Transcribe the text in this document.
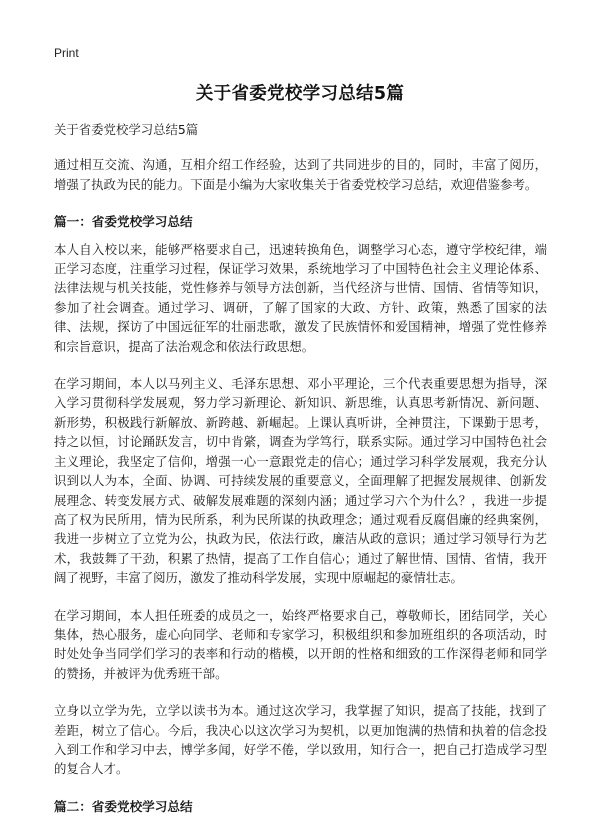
Print
关于省委党校学习总结5篇

关于省委党校学习总结5篇

通过相互交流、沟通，互相介绍工作经验，达到了共同进步的目的，同时，丰富了阅历，增强了执政为民的能力。下面是小编为大家收集关于省委党校学习总结，欢迎借鉴参考。

篇一：省委党校学习总结

本人自入校以来，能够严格要求自己，迅速转换角色，调整学习心态，遵守学校纪律，端正学习态度，注重学习过程，保证学习效果，系统地学习了中国特色社会主义理论体系、法律法规与机关技能，党性修养与领导方法创新，当代经济与世情、国情、省情等知识，参加了社会调查。通过学习、调研，了解了国家的大政、方针、政策，熟悉了国家的法律、法规，探访了中国远征军的壮丽悲歌，激发了民族情怀和爱国精神，增强了党性修养和宗旨意识，提高了法治观念和依法行政思想。

在学习期间，本人以马列主义、毛泽东思想、邓小平理论，三个代表重要思想为指导，深入学习贯彻科学发展观，努力学习新理论、新知识、新思维，认真思考新情况、新问题、新形势，积极践行新解放、新跨越、新崛起。上课认真听讲，全神贯注，下课勤于思考，持之以恒，讨论踊跃发言，切中肯綮，调查为学笃行，联系实际。通过学习中国特色社会主义理论，我坚定了信仰，增强一心一意跟党走的信心；通过学习科学发展观，我充分认识到以人为本，全面、协调、可持续发展的重要意义，全面理解了把握发展规律、创新发展理念、转变发展方式、破解发展难题的深刻内涵；通过学习六个为什么？，我进一步提高了权为民所用，情为民所系，利为民所谋的执政理念；通过观看反腐倡廉的经典案例，我进一步树立了立党为公，执政为民，依法行政，廉洁从政的意识；通过学习领导行为艺术，我鼓舞了干劲，积累了热情，提高了工作自信心；通过了解世情、国情、省情，我开阔了视野，丰富了阅历，激发了推动科学发展，实现中原崛起的豪情壮志。

在学习期间，本人担任班委的成员之一，始终严格要求自己，尊敬师长，团结同学，关心集体，热心服务，虚心向同学、老师和专家学习，积极组织和参加班组织的各项活动，时时处处争当同学们学习的表率和行动的楷模，以开朗的性格和细致的工作深得老师和同学的赞扬，并被评为优秀班干部。

立身以立学为先，立学以读书为本。通过这次学习，我掌握了知识，提高了技能，找到了差距，树立了信心。今后，我决心以这次学习为契机，以更加饱满的热情和执着的信念投入到工作和学习中去，博学多闻，好学不倦，学以致用，知行合一，把自己打造成学习型的复合人才。

篇二：省委党校学习总结
